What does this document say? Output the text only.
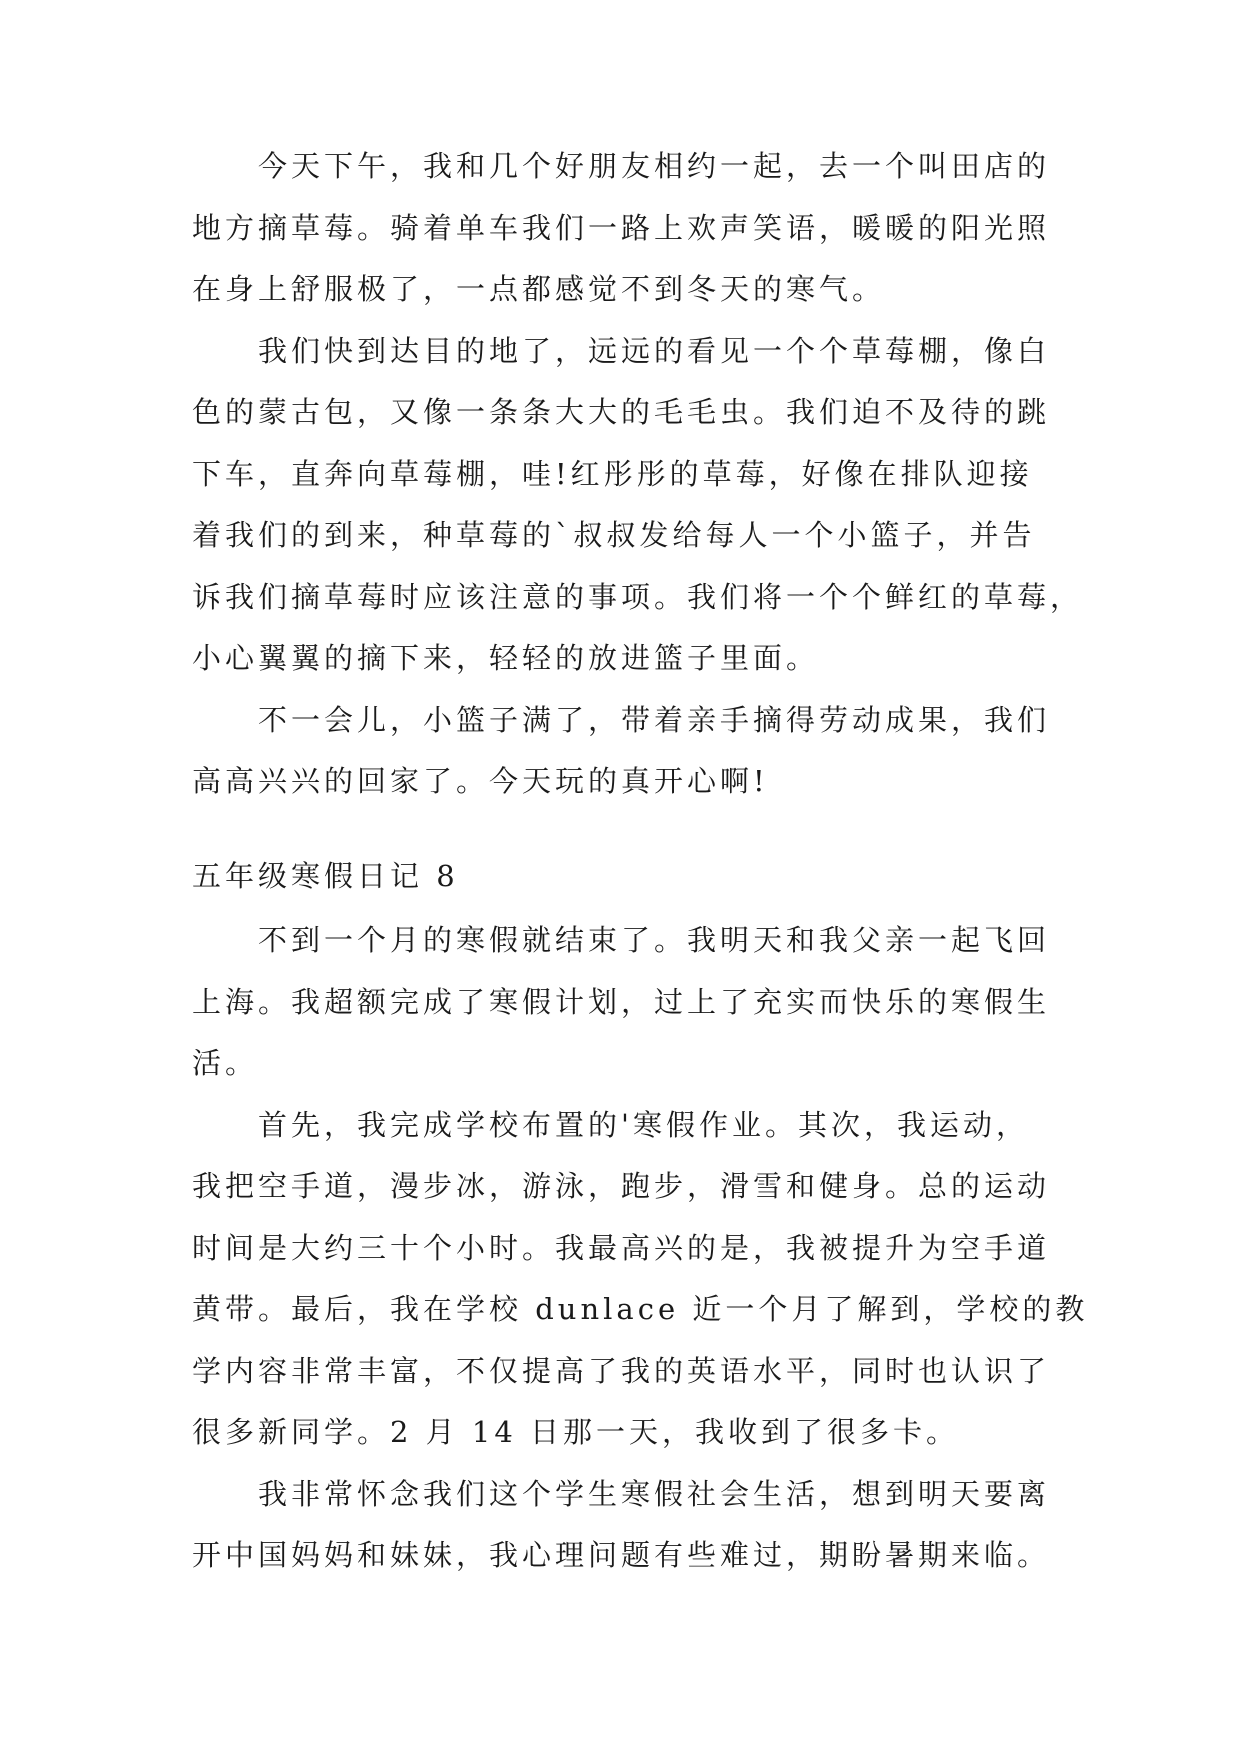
　　今天下午，我和几个好朋友相约一起，去一个叫田店的
地方摘草莓。骑着单车我们一路上欢声笑语，暖暖的阳光照
在身上舒服极了，一点都感觉不到冬天的寒气。
　　我们快到达目的地了，远远的看见一个个草莓棚，像白
色的蒙古包，又像一条条大大的毛毛虫。我们迫不及待的跳
下车，直奔向草莓棚，哇!红彤彤的草莓，好像在排队迎接
着我们的到来，种草莓的`叔叔发给每人一个小篮子，并告
诉我们摘草莓时应该注意的事项。我们将一个个鲜红的草莓，
小心翼翼的摘下来，轻轻的放进篮子里面。
　　不一会儿，小篮子满了，带着亲手摘得劳动成果，我们
高高兴兴的回家了。今天玩的真开心啊!
五年级寒假日记 8
　　不到一个月的寒假就结束了。我明天和我父亲一起飞回
上海。我超额完成了寒假计划，过上了充实而快乐的寒假生
活。
　　首先，我完成学校布置的'寒假作业。其次，我运动，
我把空手道，漫步冰，游泳，跑步，滑雪和健身。总的运动
时间是大约三十个小时。我最高兴的是，我被提升为空手道
黄带。最后，我在学校 dunlace 近一个月了解到，学校的教
学内容非常丰富，不仅提高了我的英语水平，同时也认识了
很多新同学。2 月 14 日那一天，我收到了很多卡。
　　我非常怀念我们这个学生寒假社会生活，想到明天要离
开中国妈妈和妹妹，我心理问题有些难过，期盼暑期来临。
